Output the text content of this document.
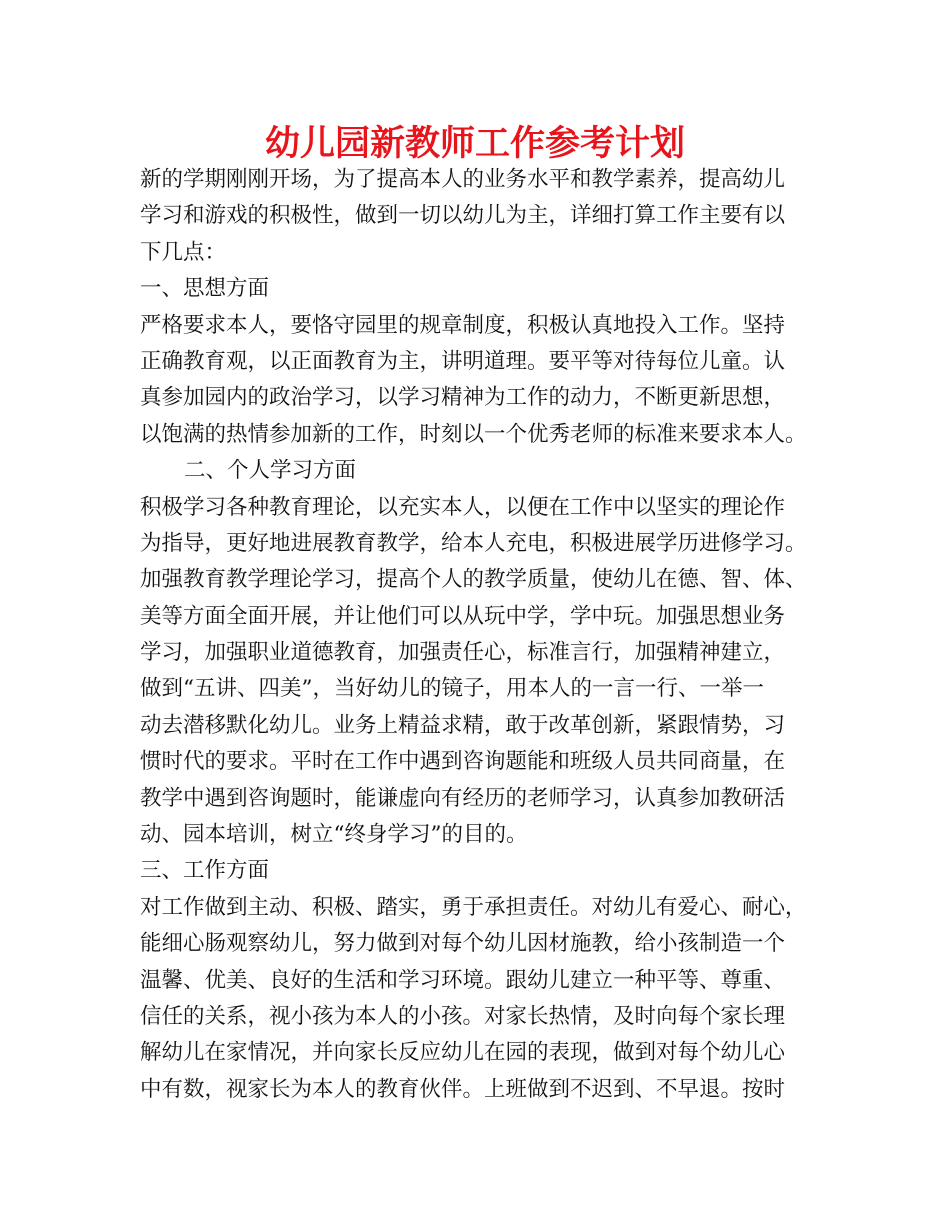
幼儿园新教师工作参考计划
新的学期刚刚开场，为了提高本人的业务水平和教学素养，提高幼儿
学习和游戏的积极性，做到一切以幼儿为主，详细打算工作主要有以
下几点：
一、思想方面
严格要求本人，要恪守园里的规章制度，积极认真地投入工作。坚持
正确教育观，以正面教育为主，讲明道理。要平等对待每位儿童。认
真参加园内的政治学习，以学习精神为工作的动力，不断更新思想，
以饱满的热情参加新的工作，时刻以一个优秀老师的标准来要求本人。
二、个人学习方面
积极学习各种教育理论，以充实本人，以便在工作中以坚实的理论作
为指导，更好地进展教育教学，给本人充电，积极进展学历进修学习。
加强教育教学理论学习，提高个人的教学质量，使幼儿在德、智、体、
美等方面全面开展，并让他们可以从玩中学，学中玩。加强思想业务
学习，加强职业道德教育，加强责任心，标准言行，加强精神建立，
做到“五讲、四美”，当好幼儿的镜子，用本人的一言一行、一举一
动去潜移默化幼儿。业务上精益求精，敢于改革创新，紧跟情势，习
惯时代的要求。平时在工作中遇到咨询题能和班级人员共同商量，在
教学中遇到咨询题时，能谦虚向有经历的老师学习，认真参加教研活
动、园本培训，树立“终身学习”的目的。
三、工作方面
对工作做到主动、积极、踏实，勇于承担责任。对幼儿有爱心、耐心，
能细心肠观察幼儿，努力做到对每个幼儿因材施教，给小孩制造一个
温馨、优美、良好的生活和学习环境。跟幼儿建立一种平等、尊重、
信任的关系，视小孩为本人的小孩。对家长热情，及时向每个家长理
解幼儿在家情况，并向家长反应幼儿在园的表现，做到对每个幼儿心
中有数，视家长为本人的教育伙伴。上班做到不迟到、不早退。按时
